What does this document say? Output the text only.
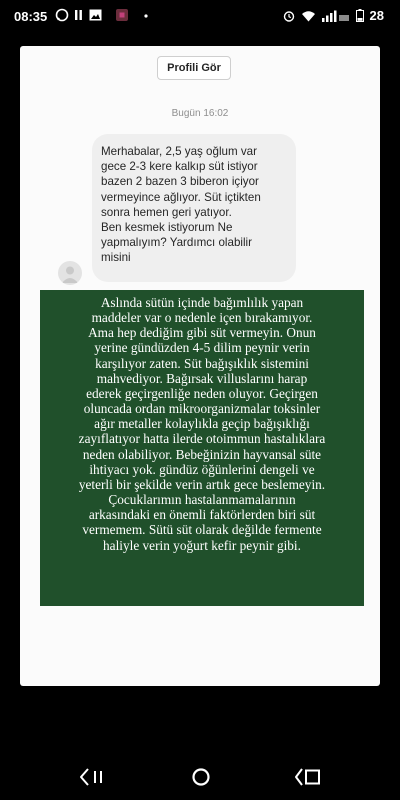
08:35	28
Profili Gör
Bugün 16:02
Merhabalar, 2,5 yaş oğlum var
gece 2-3 kere kalkıp süt istiyor
bazen 2 bazen 3 biberon içiyor
vermeyince ağlıyor. Süt içtikten
sonra hemen geri yatıyor.
Ben kesmek istiyorum Ne
yapmalıyım? Yardımcı olabilir
misini
Aslında sütün içinde bağımlılık yapan
maddeler var o nedenle içen bırakamıyor.
Ama hep dediğim gibi süt vermeyin. Onun
yerine gündüzden 4-5 dilim peynir verin
karşılıyor zaten. Süt bağışıklık sistemini
mahvediyor. Bağırsak villuslarını harap
ederek geçirgenliğe neden oluyor. Geçirgen
oluncada ordan mikroorganizmalar toksinler
ağır metaller kolaylıkla geçip bağışıklığı
zayıflatıyor hatta ilerde otoimmun hastalıklara
neden olabiliyor. Bebeğinizin hayvansal süte
ihtiyacı yok. gündüz öğünlerini dengeli ve
yeterli bir şekilde verin artık gece beslemeyin.
Çocuklarımın hastalanmamalarının
arkasındaki en önemli faktörlerden biri süt
vermemem. Sütü süt olarak değilde fermente
haliyle verin yoğurt kefir peynir gibi.
